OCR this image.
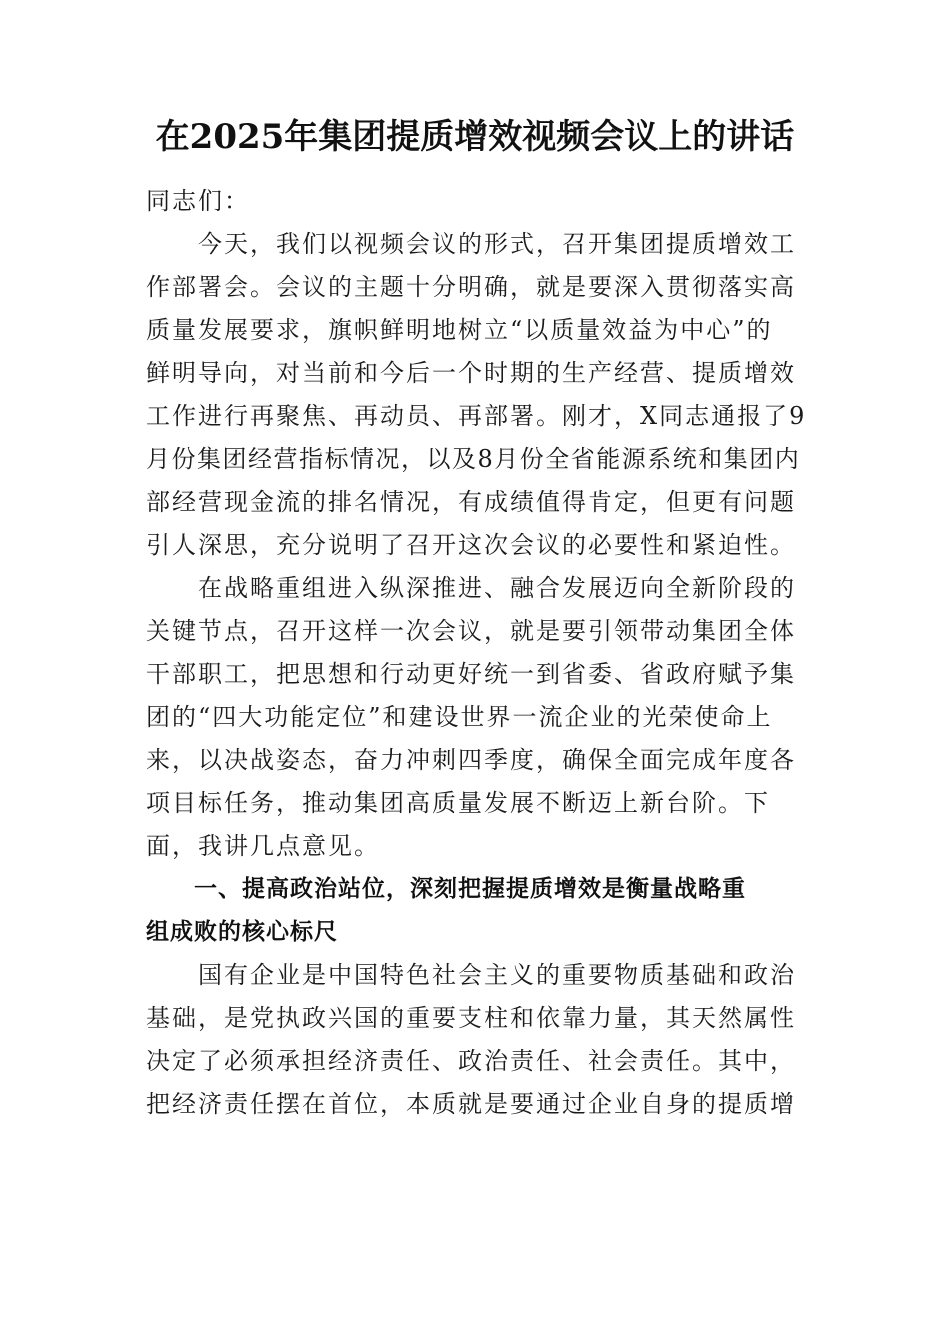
在2025年集团提质增效视频会议上的讲话

同志们：

今天，我们以视频会议的形式，召开集团提质增效工
作部署会。会议的主题十分明确，就是要深入贯彻落实高
质量发展要求，旗帜鲜明地树立“以质量效益为中心”的
鲜明导向，对当前和今后一个时期的生产经营、提质增效
工作进行再聚焦、再动员、再部署。刚才，X同志通报了9
月份集团经营指标情况，以及8月份全省能源系统和集团内
部经营现金流的排名情况，有成绩值得肯定，但更有问题
引人深思，充分说明了召开这次会议的必要性和紧迫性。

在战略重组进入纵深推进、融合发展迈向全新阶段的
关键节点，召开这样一次会议，就是要引领带动集团全体
干部职工，把思想和行动更好统一到省委、省政府赋予集
团的“四大功能定位”和建设世界一流企业的光荣使命上
来，以决战姿态，奋力冲刺四季度，确保全面完成年度各
项目标任务，推动集团高质量发展不断迈上新台阶。下
面，我讲几点意见。

一、提高政治站位，深刻把握提质增效是衡量战略重
组成败的核心标尺

国有企业是中国特色社会主义的重要物质基础和政治
基础，是党执政兴国的重要支柱和依靠力量，其天然属性
决定了必须承担经济责任、政治责任、社会责任。其中，
把经济责任摆在首位，本质就是要通过企业自身的提质增
